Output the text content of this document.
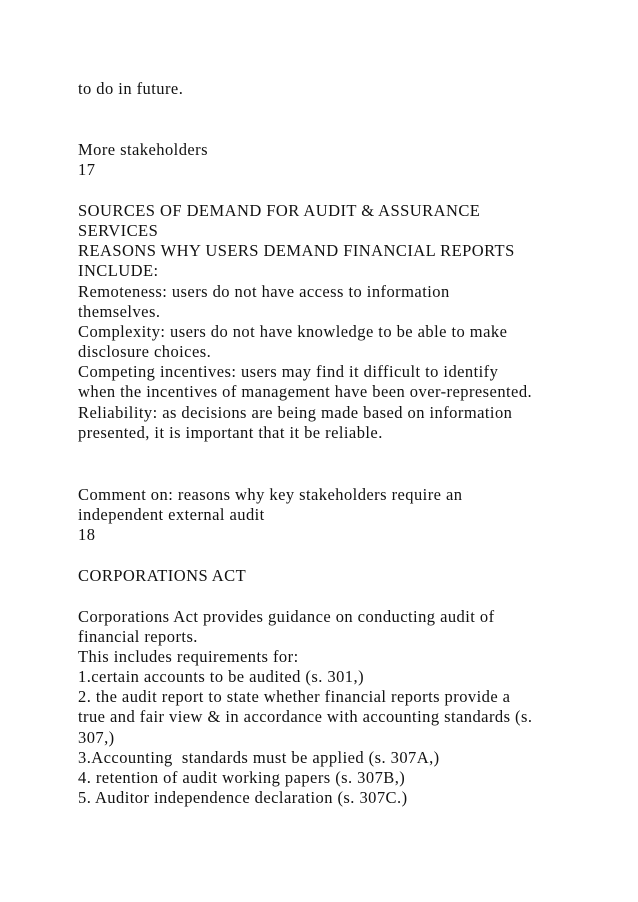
to do in future.
More stakeholders
17
SOURCES OF DEMAND FOR AUDIT & ASSURANCE
SERVICES
REASONS WHY USERS DEMAND FINANCIAL REPORTS
INCLUDE:
Remoteness: users do not have access to information
themselves.
Complexity: users do not have knowledge to be able to make
disclosure choices.
Competing incentives: users may find it difficult to identify
when the incentives of management have been over-represented.
Reliability: as decisions are being made based on information
presented, it is important that it be reliable.
Comment on: reasons why key stakeholders require an
independent external audit
18
CORPORATIONS ACT
Corporations Act provides guidance on conducting audit of
financial reports.
This includes requirements for:
1.certain accounts to be audited (s. 301,)
2. the audit report to state whether financial reports provide a
true and fair view & in accordance with accounting standards (s.
307,)
3.Accounting  standards must be applied (s. 307A,)
4. retention of audit working papers (s. 307B,)
5. Auditor independence declaration (s. 307C.)
